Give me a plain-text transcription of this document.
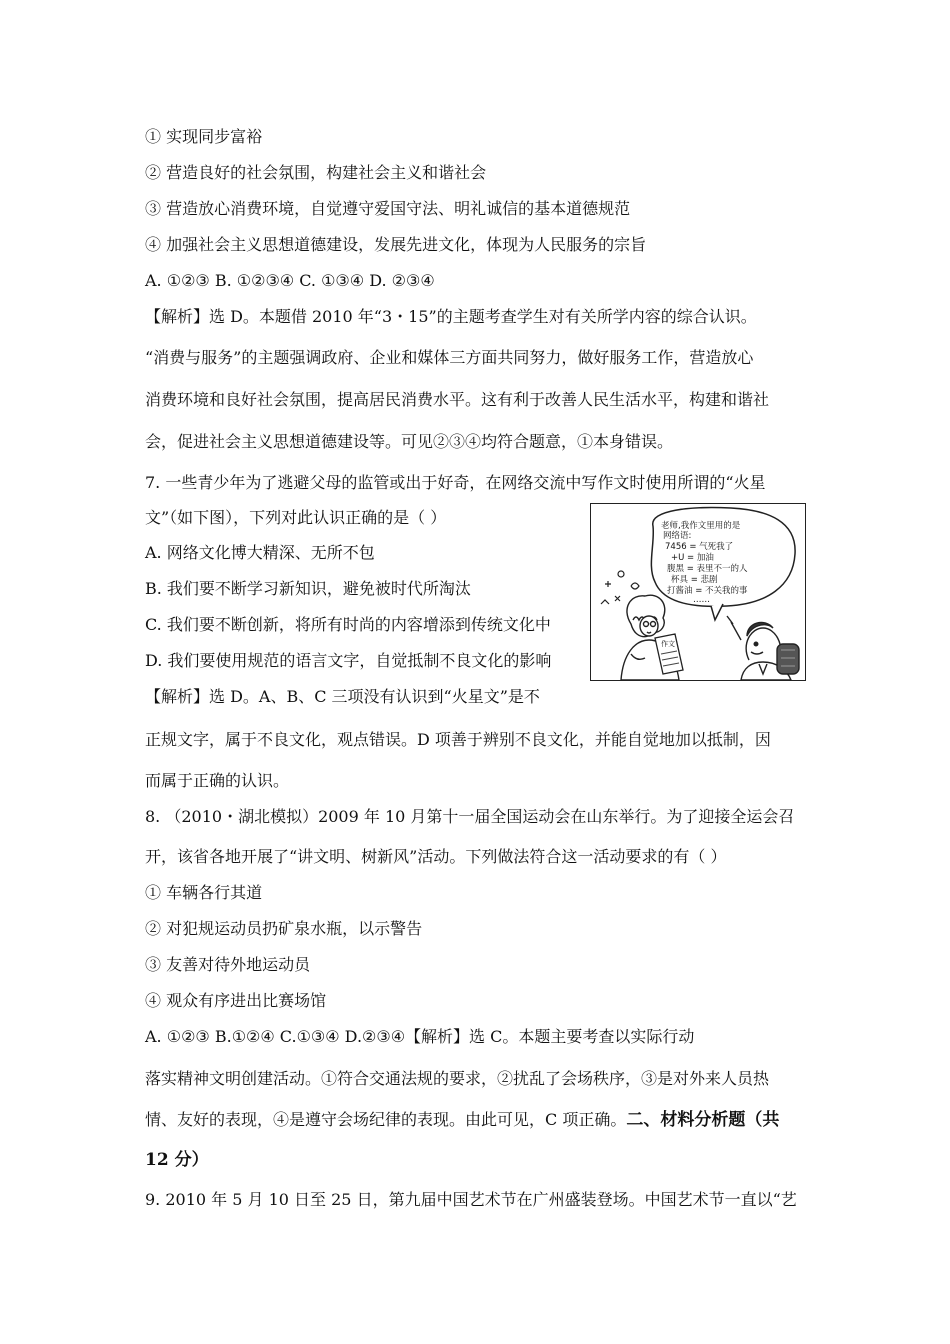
① 实现同步富裕
② 营造良好的社会氛围，构建社会主义和谐社会
③ 营造放心消费环境，自觉遵守爱国守法、明礼诚信的基本道德规范
④ 加强社会主义思想道德建设，发展先进文化，体现为人民服务的宗旨
A. ①②③ B. ①②③④ C. ①③④ D. ②③④
【解析】选 D。本题借 2010 年“3・15”的主题考查学生对有关所学内容的综合认识。
“消费与服务”的主题强调政府、企业和媒体三方面共同努力，做好服务工作，营造放心
消费环境和良好社会氛围，提高居民消费水平。这有利于改善人民生活水平，构建和谐社
会，促进社会主义思想道德建设等。可见②③④均符合题意，①本身错误。
7. 一些青少年为了逃避父母的监管或出于好奇，在网络交流中写作文时使用所谓的“火星
文”（如下图），下列对此认识正确的是（ ）
A. 网络文化博大精深、无所不包
B. 我们要不断学习新知识，避免被时代所淘汰
C. 我们要不断创新，将所有时尚的内容增添到传统文化中
D. 我们要使用规范的语言文字，自觉抵制不良文化的影响
【解析】选 D。A、B、C 三项没有认识到“火星文”是不
正规文字，属于不良文化，观点错误。D 项善于辨别不良文化，并能自觉地加以抵制，因
而属于正确的认识。
老师,我作文里用的是
网络语:
7456 = 气死我了
+U = 加油
腹黑 = 表里不一的人
杯具 = 悲剧
打酱油 = 不关我的事
……
作文
8. （2010・湖北模拟）2009 年 10 月第十一届全国运动会在山东举行。为了迎接全运会召
开，该省各地开展了“讲文明、树新风”活动。下列做法符合这一活动要求的有（ ）
① 车辆各行其道
② 对犯规运动员扔矿泉水瓶，以示警告
③ 友善对待外地运动员
④ 观众有序进出比赛场馆
A. ①②③ B.①②④ C.①③④ D.②③④【解析】选 C。本题主要考查以实际行动
落实精神文明创建活动。①符合交通法规的要求，②扰乱了会场秩序，③是对外来人员热
情、友好的表现，④是遵守会场纪律的表现。由此可见，C 项正确。二、材料分析题（共
12 分）
9. 2010 年 5 月 10 日至 25 日，第九届中国艺术节在广州盛装登场。中国艺术节一直以“艺
